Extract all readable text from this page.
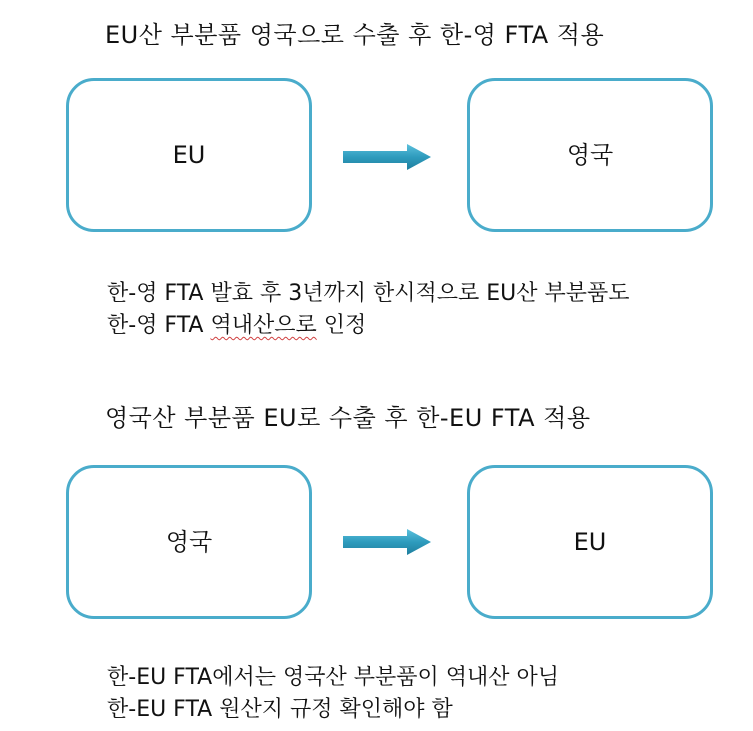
EU산 부분품 영국으로 수출 후 한-영 FTA 적용
EU	영국
한-영 FTA 발효 후 3년까지 한시적으로 EU산 부분품도
한-영 FTA 역내산으로 인정
영국산 부분품 EU로 수출 후 한-EU FTA 적용
영국	EU
한-EU FTA에서는 영국산 부분품이 역내산 아님
한-EU FTA 원산지 규정 확인해야 함
